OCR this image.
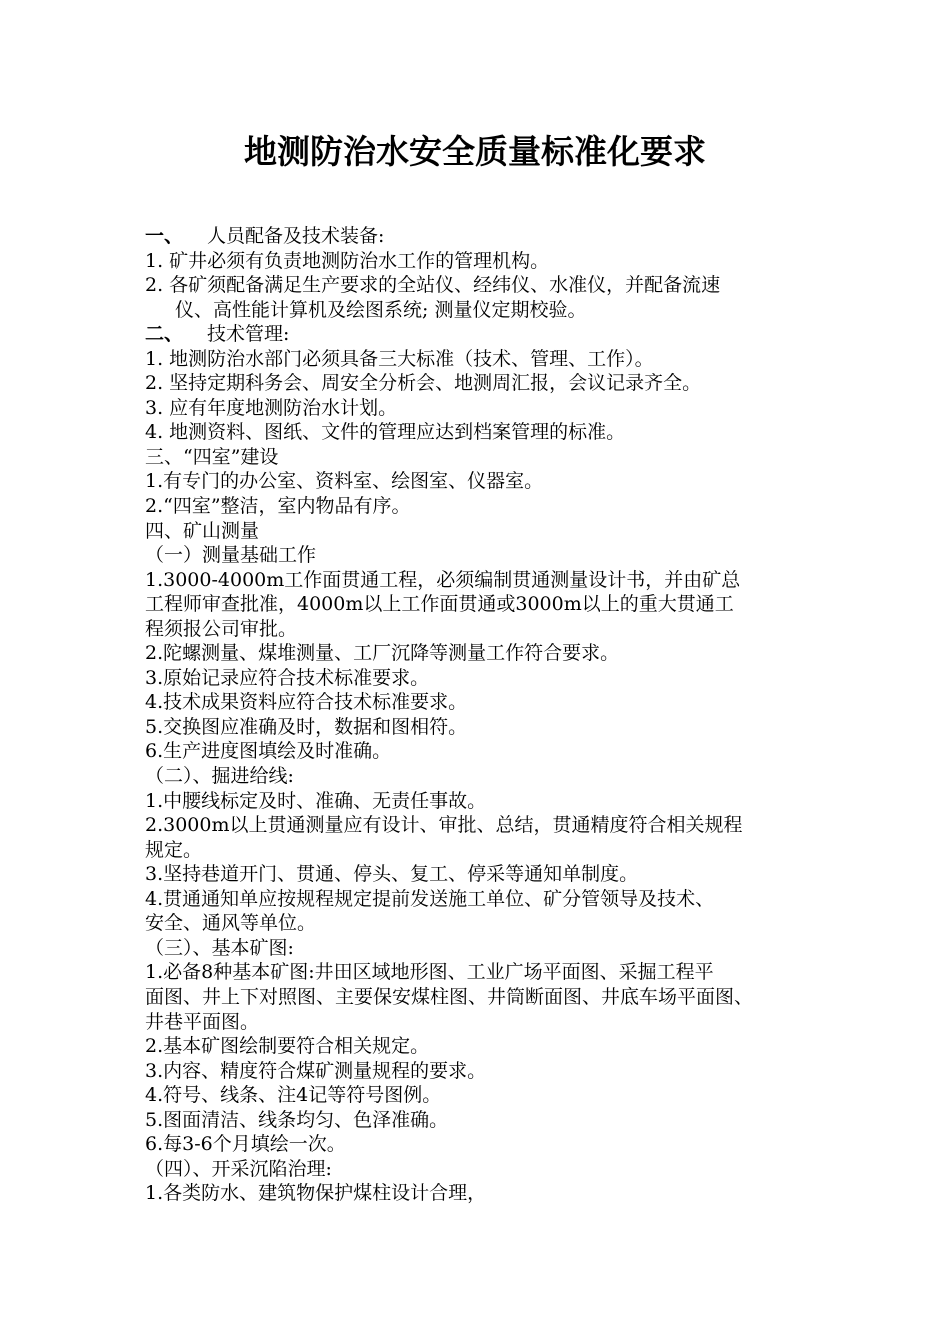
地测防治水安全质量标准化要求
一、 人员配备及技术装备:
1. 矿井必须有负责地测防治水工作的管理机构。
2. 各矿须配备满足生产要求的全站仪、经纬仪、水准仪，并配备流速
仪、高性能计算机及绘图系统; 测量仪定期校验。
二、 技术管理:
1. 地测防治水部门必须具备三大标准（技术、管理、工作）。
2. 坚持定期科务会、周安全分析会、地测周汇报，会议记录齐全。
3. 应有年度地测防治水计划。
4. 地测资料、图纸、文件的管理应达到档案管理的标准。
三、“四室”建设
1.有专门的办公室、资料室、绘图室、仪器室。
2.“四室”整洁，室内物品有序。
四、矿山测量
（一）测量基础工作
1.3000-4000m工作面贯通工程，必须编制贯通测量设计书，并由矿总
工程师审查批准，4000m以上工作面贯通或3000m以上的重大贯通工
程须报公司审批。
2.陀螺测量、煤堆测量、工厂沉降等测量工作符合要求。
3.原始记录应符合技术标准要求。
4.技术成果资料应符合技术标准要求。
5.交换图应准确及时，数据和图相符。
6.生产进度图填绘及时准确。
（二）、掘进给线:
1.中腰线标定及时、准确、无责任事故。
2.3000m以上贯通测量应有设计、审批、总结，贯通精度符合相关规程
规定。
3.坚持巷道开门、贯通、停头、复工、停采等通知单制度。
4.贯通通知单应按规程规定提前发送施工单位、矿分管领导及技术、
安全、通风等单位。
（三）、基本矿图:
1.必备8种基本矿图:井田区域地形图、工业广场平面图、采掘工程平
面图、井上下对照图、主要保安煤柱图、井筒断面图、井底车场平面图、
井巷平面图。
2.基本矿图绘制要符合相关规定。
3.内容、精度符合煤矿测量规程的要求。
4.符号、线条、注4记等符号图例。
5.图面清洁、线条均匀、色泽准确。
6.每3-6个月填绘一次。
（四）、开采沉陷治理:
1.各类防水、建筑物保护煤柱设计合理，
